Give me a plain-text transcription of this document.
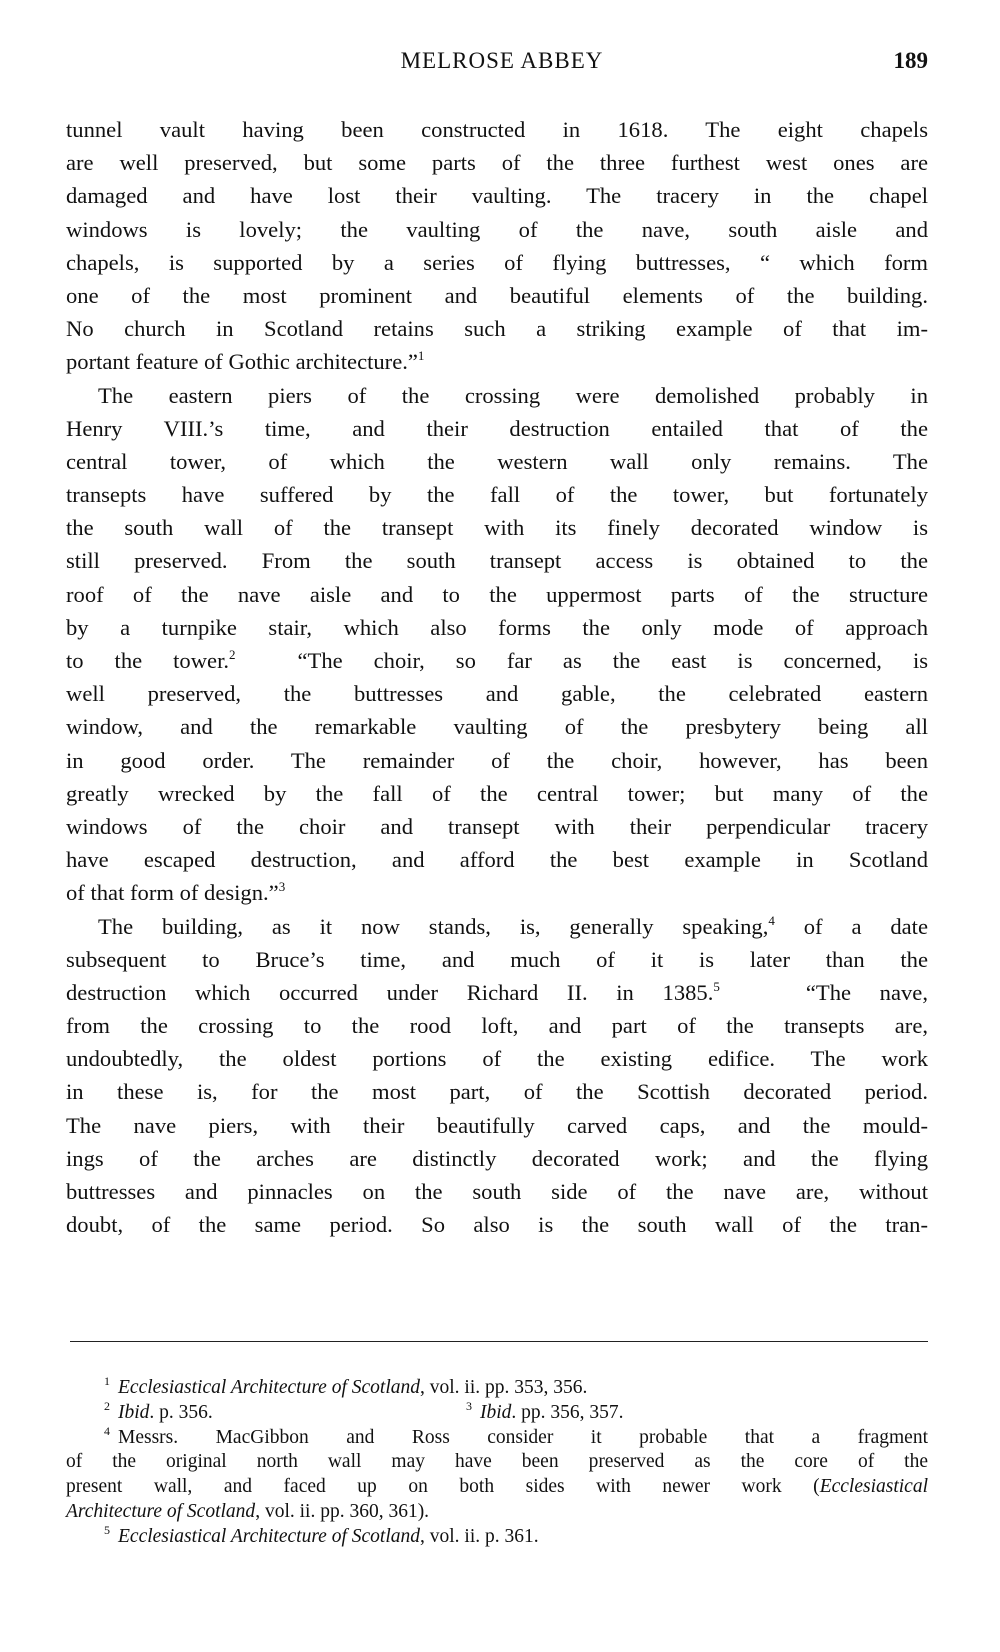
MELROSE ABBEY	189
tunnel vault having been constructed in 1618. The eight chapels
are well preserved, but some parts of the three furthest west ones are
damaged and have lost their vaulting. The tracery in the chapel
windows is lovely; the vaulting of the nave, south aisle and
chapels, is supported by a series of flying buttresses, “ which form
one of the most prominent and beautiful elements of the building.
No church in Scotland retains such a striking example of that im-
portant feature of Gothic architecture.”$^1$
The eastern piers of the crossing were demolished probably in
Henry VIII.’s time, and their destruction entailed that of the
central tower, of which the western wall only remains. The
transepts have suffered by the fall of the tower, but fortunately
the south wall of the transept with its finely decorated window is
still preserved. From the south transept access is obtained to the
roof of the nave aisle and to the uppermost parts of the structure
by a turnpike stair, which also forms the only mode of approach
to the tower.$^2$	“The choir, so far as the east is concerned, is
well preserved, the buttresses and gable, the celebrated eastern
window, and the remarkable vaulting of the presbytery being all
in good order. The remainder of the choir, however, has been
greatly wrecked by the fall of the central tower; but many of the
windows of the choir and transept with their perpendicular tracery
have escaped destruction, and afford the best example in Scotland
of that form of design.”$^3$
The building, as it now stands, is, generally speaking,$^4$ of a date
subsequent to Bruce’s time, and much of it is later than the
destruction which occurred under Richard II. in 1385.$^5$	“The nave,
from the crossing to the rood loft, and part of the transepts are,
undoubtedly, the oldest portions of the existing edifice. The work
in these is, for the most part, of the Scottish decorated period.
The nave piers, with their beautifully carved caps, and the mould-
ings of the arches are distinctly decorated work; and the flying
buttresses and pinnacles on the south side of the nave are, without
doubt, of the same period. So also is the south wall of the tran-
$^1$ Ecclesiastical Architecture of Scotland, vol. ii. pp. 353, 356.
$^2$ Ibid. p. 356.	$^3$ Ibid. pp. 356, 357.
$^4$ Messrs. MacGibbon and Ross consider it probable that a fragment
of the original north wall may have been preserved as the core of the
present wall, and faced up on both sides with newer work (Ecclesiastical
Architecture of Scotland, vol. ii. pp. 360, 361).
$^5$ Ecclesiastical Architecture of Scotland, vol. ii. p. 361.
